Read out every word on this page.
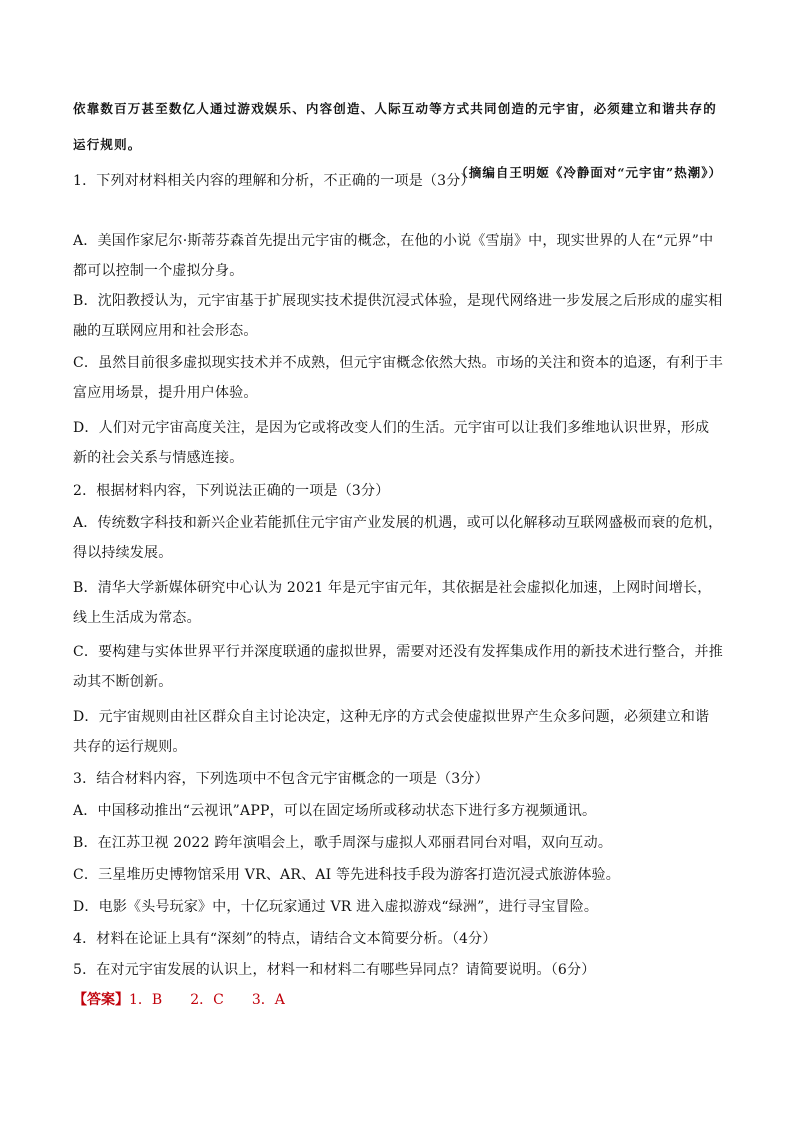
依靠数百万甚至数亿人通过游戏娱乐、内容创造、人际互动等方式共同创造的元宇宙，必须建立和谐共存的运行规则。
（摘编自王明姬《冷静面对“元宇宙”热潮》）
1．下列对材料相关内容的理解和分析，不正确的一项是（3分）
A．美国作家尼尔·斯蒂芬森首先提出元宇宙的概念，在他的小说《雪崩》中，现实世界的人在“元界”中都可以控制一个虚拟分身。
B．沈阳教授认为，元宇宙基于扩展现实技术提供沉浸式体验，是现代网络进一步发展之后形成的虚实相融的互联网应用和社会形态。
C．虽然目前很多虚拟现实技术并不成熟，但元宇宙概念依然大热。市场的关注和资本的追逐，有利于丰富应用场景，提升用户体验。
D．人们对元宇宙高度关注，是因为它或将改变人们的生活。元宇宙可以让我们多维地认识世界，形成新的社会关系与情感连接。
2．根据材料内容，下列说法正确的一项是（3分）
A．传统数字科技和新兴企业若能抓住元宇宙产业发展的机遇，或可以化解移动互联网盛极而衰的危机，得以持续发展。
B．清华大学新媒体研究中心认为 2021 年是元宇宙元年，其依据是社会虚拟化加速，上网时间增长，线上生活成为常态。
C．要构建与实体世界平行并深度联通的虚拟世界，需要对还没有发挥集成作用的新技术进行整合，并推动其不断创新。
D．元宇宙规则由社区群众自主讨论决定，这种无序的方式会使虚拟世界产生众多问题，必须建立和谐共存的运行规则。
3．结合材料内容，下列选项中不包含元宇宙概念的一项是（3分）
A．中国移动推出“云视讯”APP，可以在固定场所或移动状态下进行多方视频通讯。
B．在江苏卫视 2022 跨年演唱会上，歌手周深与虚拟人邓丽君同台对唱，双向互动。
C．三星堆历史博物馆采用 VR、AR、AI 等先进科技手段为游客打造沉浸式旅游体验。
D．电影《头号玩家》中，十亿玩家通过 VR 进入虚拟游戏“绿洲”，进行寻宝冒险。
4．材料在论证上具有“深刻”的特点，请结合文本简要分析。（4分）
5．在对元宇宙发展的认识上，材料一和材料二有哪些异同点？请简要说明。（6分）
【答案】1．B 2．C 3．A
